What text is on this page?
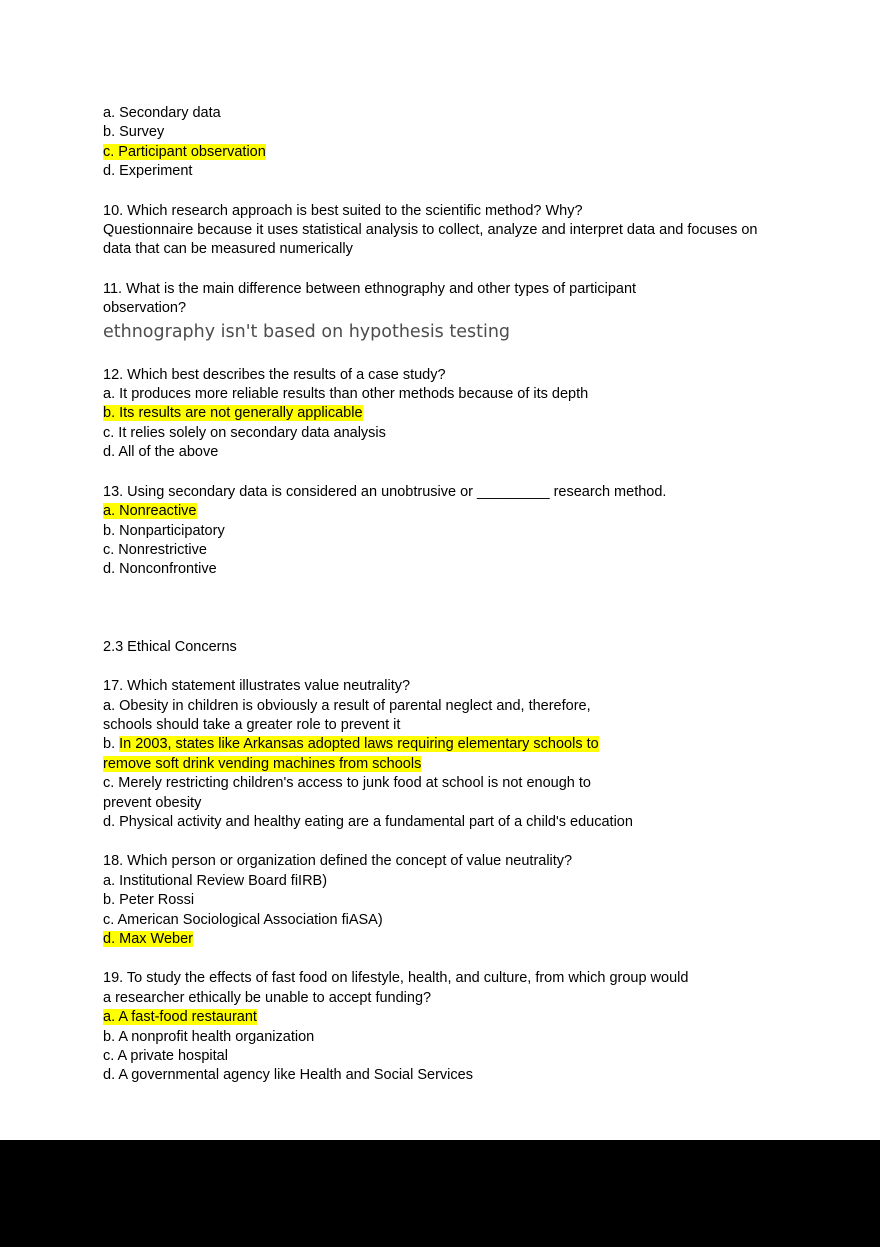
a. Secondary data
b. Survey
c. Participant observation
d. Experiment
10. Which research approach is best suited to the scientific method? Why?
Questionnaire because it uses statistical analysis to collect, analyze and interpret data and focuses on
data that can be measured numerically
11. What is the main difference between ethnography and other types of participant
observation?
ethnography isn't based on hypothesis testing
12. Which best describes the results of a case study?
a. It produces more reliable results than other methods because of its depth
b. Its results are not generally applicable
c. It relies solely on secondary data analysis
d. All of the above
13. Using secondary data is considered an unobtrusive or _________ research method.
a. Nonreactive
b. Nonparticipatory
c. Nonrestrictive
d. Nonconfrontive
2.3 Ethical Concerns
17. Which statement illustrates value neutrality?
a. Obesity in children is obviously a result of parental neglect and, therefore,
schools should take a greater role to prevent it
b. In 2003, states like Arkansas adopted laws requiring elementary schools to
remove soft drink vending machines from schools
c. Merely restricting children's access to junk food at school is not enough to
prevent obesity
d. Physical activity and healthy eating are a fundamental part of a child's education
18. Which person or organization defined the concept of value neutrality?
a. Institutional Review Board fiIRB)
b. Peter Rossi
c. American Sociological Association fiASA)
d. Max Weber
19. To study the effects of fast food on lifestyle, health, and culture, from which group would
a researcher ethically be unable to accept funding?
a. A fast-food restaurant
b. A nonprofit health organization
c. A private hospital
d. A governmental agency like Health and Social Services
